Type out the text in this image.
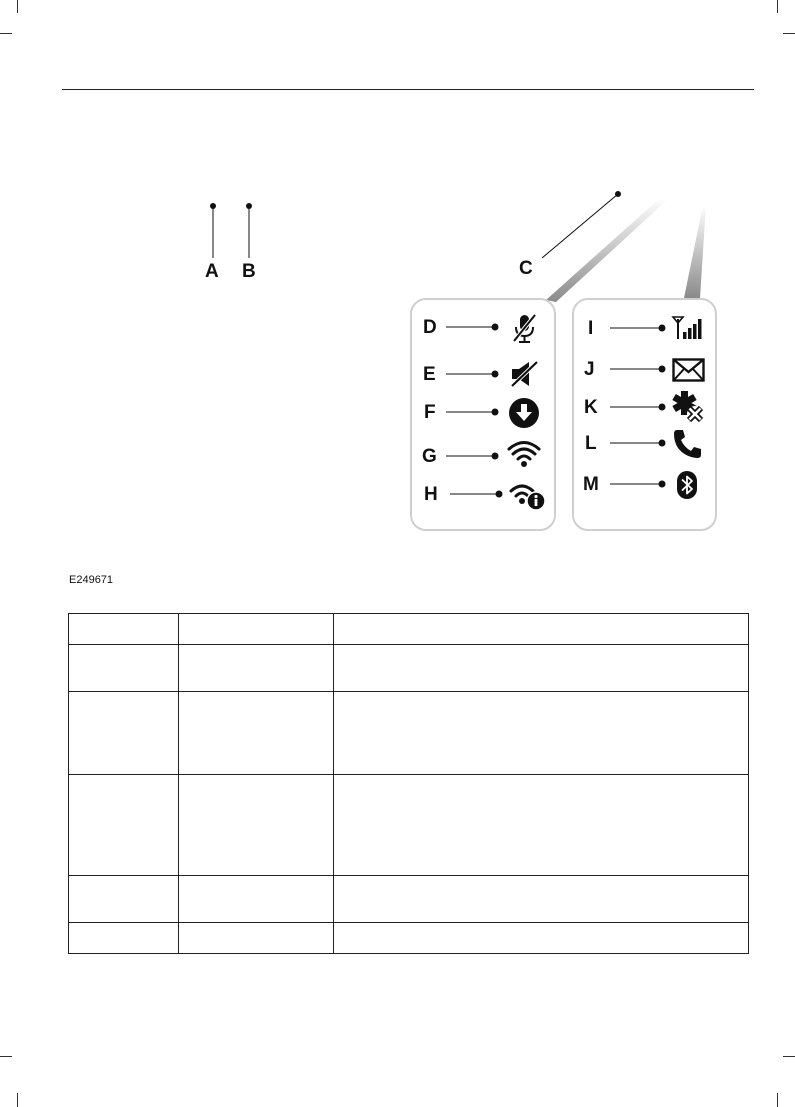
A B	C
D
E
F
G
H
I
J
K
L
M
E249671
